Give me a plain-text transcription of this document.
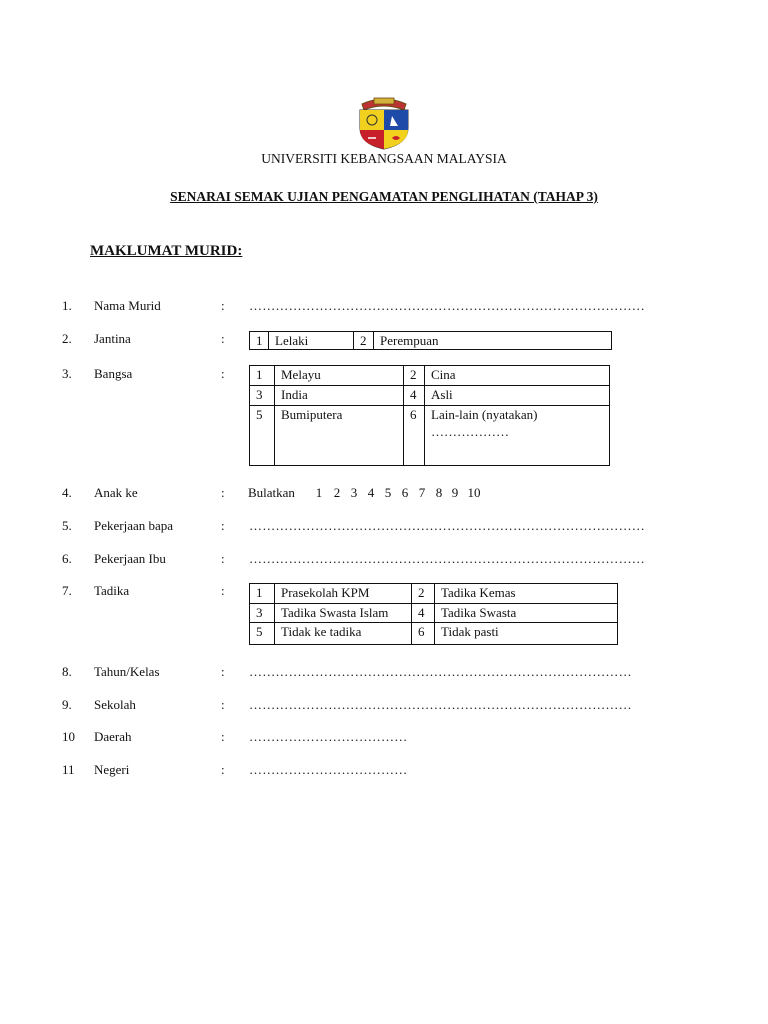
UNIVERSITI KEBANGSAAN MALAYSIA
SENARAI SEMAK UJIAN PENGAMATAN PENGLIHATAN (TAHAP 3)
MAKLUMAT MURID:
1. Nama Murid	: ………………………………………………………………………………
2. Jantina	: 1	Lelaki	2	Perempuan
3. Bangsa	: 1	Melayu	2	Cina
3	India	4	Asli
5	Bumiputera	6	Lain-lain (nyatakan)
………………
4. Anak ke	: Bulatkan	1 2 3 4 5 6 7 8 9 10
5. Pekerjaan bapa	: ………………………………………………………………………………
6. Pekerjaan Ibu	: ………………………………………………………………………………
7. Tadika	: 1	Prasekolah KPM	2	Tadika Kemas
3	Tadika Swasta Islam	4	Tadika Swasta
5	Tidak ke tadika	6	Tidak pasti
8. Tahun/Kelas	: ……………………………………………………………………………
9. Sekolah	: ……………………………………………………………………………
10 Daerah	: ………………………………
11 Negeri	: ………………………………
